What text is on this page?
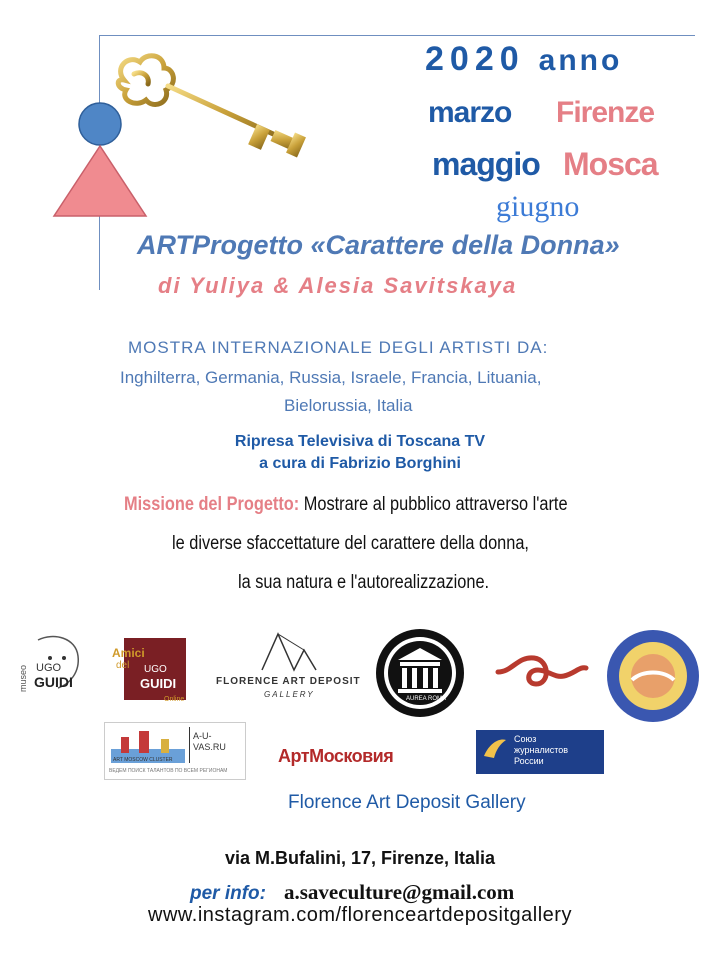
2020 anno
marzo Firenze
maggio Mosca
giugno
ARTProgetto «Carattere della Donna»
di Yuliya & Alesia Savitskaya
MOSTRA INTERNAZIONALE DEGLI ARTISTI DA:
Inghilterra, Germania, Russia, Israele, Francia, Lituania,
Bielorussia, Italia
Ripresa Televisiva di Toscana TV
a cura di Fabrizio Borghini
Missione del Progetto: Mostrare al pubblico attraverso l'arte
le diverse sfaccettature del carattere della donna,
la sua natura e l'autorealizzazione.
museo UGO
GUIDI
Amici
del UGO
GUIDI
Online
FLORENCE ART DEPOSIT
GALLERY	AUREA ROMA
ART MOSCOW CLUSTER
A-U-VAS.RU
ВЕДЕМ ПОИСК ТАЛАНТОВ ПО ВСЕМ РЕГИОНАМ
АртМосковия
Союз
журналистов
России
Florence Art Deposit Gallery
via M.Bufalini, 17, Firenze, Italia
per info: a.saveculture@gmail.com
www.instagram.com/florenceartdepositgallery
